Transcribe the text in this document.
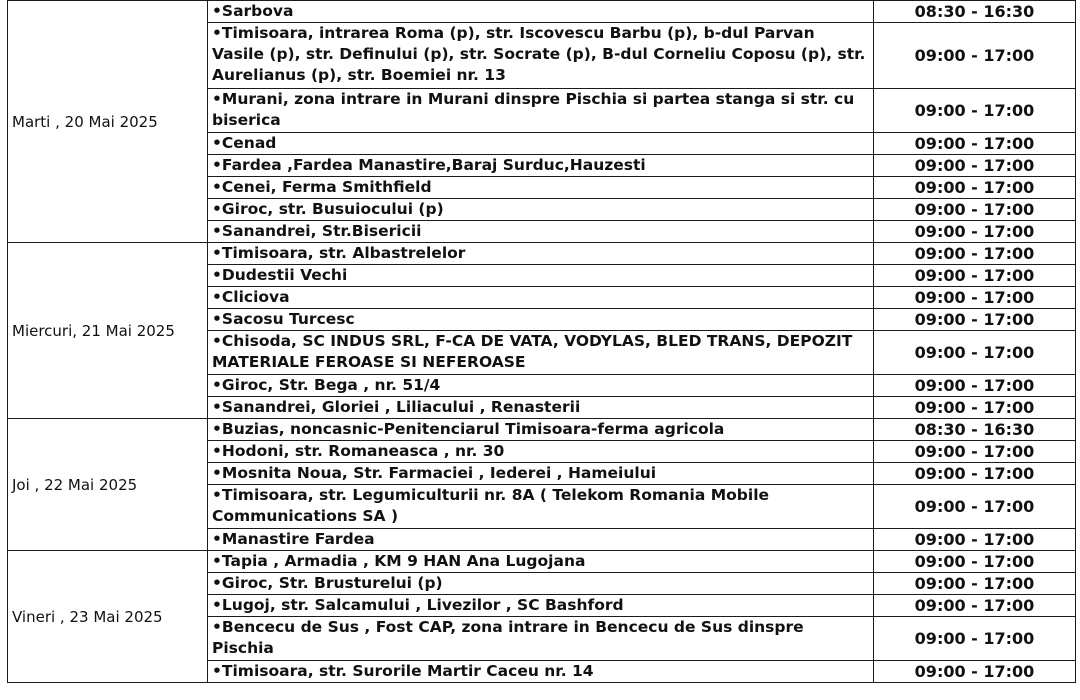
Marti , 20 Mai 2025	•Sarbova	08:30 - 16:30
	•Timisoara, intrarea Roma (p), str. Iscovescu Barbu (p), b-dul Parvan Vasile (p), str. Definului (p), str. Socrate (p), B-dul Corneliu Coposu (p), str. Aurelianus (p), str. Boemiei nr. 13	09:00 - 17:00
	•Murani, zona intrare in Murani dinspre Pischia si partea stanga si str. cu biserica	09:00 - 17:00
	•Cenad	09:00 - 17:00
	•Fardea ,Fardea Manastire,Baraj Surduc,Hauzesti	09:00 - 17:00
	•Cenei, Ferma Smithfield	09:00 - 17:00
	•Giroc, str. Busuiocului (p)	09:00 - 17:00
	•Sanandrei, Str.Bisericii	09:00 - 17:00
Miercuri, 21 Mai 2025	•Timisoara, str. Albastrelelor	09:00 - 17:00
	•Dudestii Vechi	09:00 - 17:00
	•Cliciova	09:00 - 17:00
	•Sacosu Turcesc	09:00 - 17:00
	•Chisoda, SC INDUS SRL, F-CA DE VATA, VODYLAS, BLED TRANS, DEPOZIT MATERIALE FEROASE SI NEFEROASE	09:00 - 17:00
	•Giroc, Str. Bega , nr. 51/4	09:00 - 17:00
	•Sanandrei, Gloriei , Liliacului , Renasterii	09:00 - 17:00
Joi , 22 Mai 2025	•Buzias, noncasnic-Penitenciarul Timisoara-ferma agricola	08:30 - 16:30
	•Hodoni, str. Romaneasca , nr. 30	09:00 - 17:00
	•Mosnita Noua, Str. Farmaciei , Iederei , Hameiului	09:00 - 17:00
	•Timisoara, str. Legumiculturii nr. 8A ( Telekom Romania Mobile Communications SA )	09:00 - 17:00
	•Manastire Fardea	09:00 - 17:00
Vineri , 23 Mai 2025	•Tapia , Armadia , KM 9 HAN Ana Lugojana	09:00 - 17:00
	•Giroc, Str. Brusturelui (p)	09:00 - 17:00
	•Lugoj, str. Salcamului , Livezilor , SC Bashford	09:00 - 17:00
	•Bencecu de Sus , Fost CAP, zona intrare in Bencecu de Sus dinspre Pischia	09:00 - 17:00
	•Timisoara, str. Surorile Martir Caceu nr. 14	09:00 - 17:00
